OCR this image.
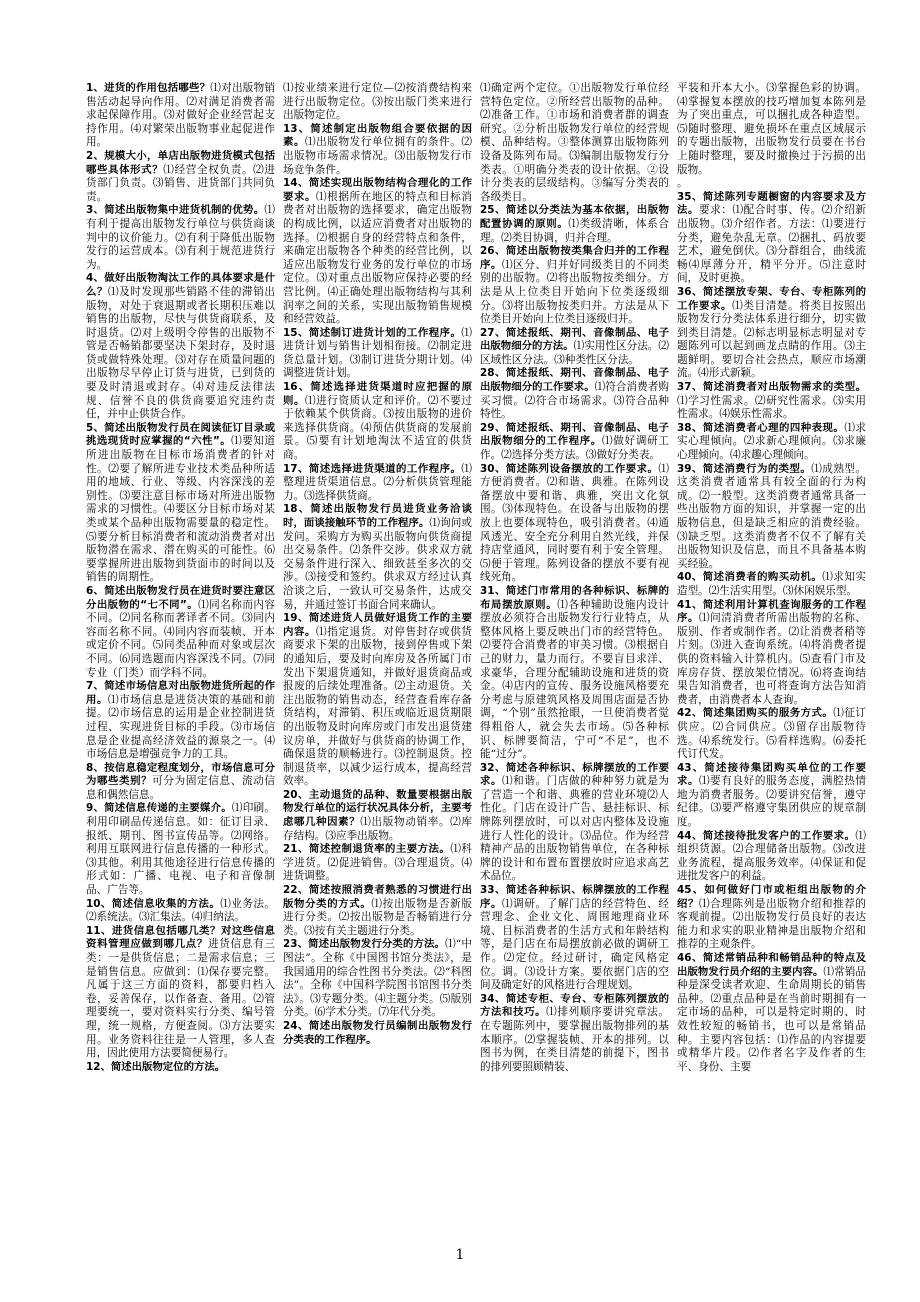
1、进货的作用包括哪些？⑴对出版物销售活动起导向作用。⑵对满足消费者需求起保障作用。⑶对做好企业经营起支持作用。⑷对繁荣出版物事业起促进作用。

2、规模大小，单店出版物进货模式包括哪些具体形式？⑴经营全权负责。⑵进货部门负责。⑶销售、进货部门共同负责。

3、简述出版物集中进货机制的优势。⑴有利于提高出版物发行单位与供货商谈判中的议价能力。⑵有利于降低出版物发行的运营成本。⑶有利于规范进货行为。

4、做好出版物淘汰工作的具体要求是什么？⑴及时发现那些销路不佳的滞销出版物，对处于衰退期或者长期积压难以销售的出版物，尽快与供货商联系，及时退货。⑵对上级明令停售的出版物不管是否畅销都要坚决下架封存，及时退货或做特殊处理。⑶对存在质量问题的出版物尽早停止订货与进货，已到货的要及时清退或封存。⑷对违反法律法规、信誉不良的供货商要追究违约责任，并中止供货合作。

5、简述出版物发行员在阅读征订目录或挑选现货时应掌握的“六性”。⑴要知道所进出版物在目标市场消费者的针对性。⑵要了解所进专业技术类品种所适用的地域、行业、等级、内容深浅的差别性。⑶要注意目标市场对所进出版物需求的习惯性。⑷要区分目标市场对某类或某个品种出版物需要量的稳定性。⑸要分析目标消费者和流动消费者对出版物潜在需求、潜在购买的可能性。⑹要掌握所进出版物到货面市的时间以及销售的周期性。

6、简述出版物发行员在进货时要注意区分出版物的“七不同”。⑴同名称而内容不同。⑵同名称而著译者不同。⑶同内容而名称不同。⑷同内容而装帧、开本或定价不同。⑸同类品种而对象或层次不同。⑹同选题而内容深浅不同。⑺同专业（门类）而学科不同。

7、简述市场信息对出版物进货所起的作用。⑴市场信息是进货决策的基础和前提。⑵市场信息的运用是企业控制进货过程、实现进货目标的手段。⑶市场信息是企业提高经济效益的源泉之一。⑷市场信息是增强竞争力的工具。

8、按信息稳定程度划分，市场信息可分为哪些类别？可分为固定信息、流动信息和偶然信息。

9、简述信息传递的主要媒介。⑴印刷。利用印刷品传递信息。如：征订目录、报纸、期刊、图书宣传品等。⑵网络。利用互联网进行信息传播的一种形式。⑶其他。利用其他途径进行信息传播的形式如：广播、电视、电子和音像制品、广告等。

10、简述信息收集的方法。⑴业务法。⑵系统法。⑶汇集法。⑷归纳法。

11、进货信息包括哪几类？对这些信息资料管理应做到哪几点？进货信息有三类：一是供货信息；二是需求信息；三是销售信息。应做到：⑴保存要完整。凡属于这三方面的资料，都要归档入卷，妥善保存，以作备查、备用。⑵管理要统一，要对资料实行分类、编号管理，统一规格，方便查阅。⑶方法要实用。业务资料往往是一人管理，多人查用，因此使用方法要简便易行。

12、简述出版物定位的方法。

⑴按业绩来进行定位—⑵按消费结构来进行出版物定位。⑶按出版门类来进行出版物定位。

13、简述制定出版物组合要依据的因素。⑴出版物发行单位拥有的条件。⑵出版物市场需求情况。⑶出版物发行市场竞争条件。

14、简述实现出版物结构合理化的工作要求。⑴根据所在地区的特点和目标消费者对出版物的选择要求，确定出版物的构成比例，以适应消费者对出版物的选择。⑵根据自身的经营特点和条件，来确定出版物各个种类的经营比例，以适应出版物发行业务的发行单位的市场定位。⑶对重点出版物应保持必要的经营比例。⑷正确处理出版物结构与其利润率之间的关系，实现出版物销售规模和经营效益。

15、简述制订进货计划的工作程序。⑴进货计划与销售计划相衔接。⑵制定进货总量计划。⑶制订进货分期计划。⑷调整进货计划。

16、简述选择进货渠道时应把握的原则。⑴进行资质认定和评价。⑵不要过于依赖某个供货商。⑶按出版物的进价来选择供货商。⑷预估供货商的发展前景。⑸要有计划地淘汰不适宜的供货商。

17、简述选择进货渠道的工作程序。⑴整理进货渠道信息。⑵分析供货管理能力。⑶选择供货商。

18、简述出版物发行员进货业务洽谈时，面谈接触环节的工作程序。⑴询问或发问。采购方为购买出版物向供货商提出交易条件。⑵条件交涉。供求双方就交易条件进行深入、细致甚至多次的交涉。⑶接受和签约。供求双方经过认真洽谈之后，一致认可交易条件，达成交易，并通过签订书面合同来确认。

19、简述进货人员做好退货工作的主要内容。⑴指定退货。对停售封存或供货商要求下架的出版物，接到停售或下架的通知后，要及时向库房及各所属门市发出下架退货通知，并做好退货商品或报废的后续处理准备。⑵主动退货。关注出版物的销售动态，经营查看库存备货结构，对滞销、积压或临近退货期限的出版物及时向库房或门市发出退货建议房单，并做好与供货商的协调工作，确保退货的顺畅进行。⑶控制退货。控制退货率，以减少运行成本，提高经营效率。

20、主动退货的品种、数量要根据出版物发行单位的运行状况具体分析，主要考虑哪几种因素？⑴出版物动销率。⑵库存结构。⑶应季出版物。

21、简述控制退货率的主要方法。⑴科学进货。⑵促进销售。⑶合理退货。⑷进货调整。

22、简述按照消费者熟悉的习惯进行出版物分类的方式。⑴按出版物是否新版进行分类。⑵按出版物是否畅销进行分类。⑶按有关主题进行分类。

23、简述出版物发行分类的方法。⑴“中图法”。全称《中国图书馆分类法》，是我国通用的综合性图书分类法。⑵“科图法”。全称《中国科学院图书馆图书分类法》。⑶专题分类。⑷主题分类。⑸版别分类。⑹学术分类。⑺年代分类。

24、简述出版物发行员编制出版物发行分类表的工作程序。

⑴确定两个定位。①出版物发行单位经营特色定位。②所经营出版物的品种。⑵准备工作。①市场和消费者群的调查研究。②分析出版物发行单位的经营规模、品种结构。③整体测算出版物陈列设备及陈列布局。⑶编制出版物发行分类表。①明确分类表的设计依据。②设计分类表的层级结构。③编写分类表的各级类目。

25、简述以分类法为基本依据，出版物配置协调的原则。⑴类级清晰，体系合理。⑵类目协调，归并合理。

26、简述出版物按类集合归并的工作程序。⑴区分、归并好同级类目的不同类别的出版物。⑵将出版物按类细分。方法是从上位类目开始向下位类逐级细分。⑶将出版物按类归并。方法是从下位类目开始向上位类目逐级归并。

27、简述报纸、期刊、音像制品、电子出版物细分的方法。⑴实用性区分法。⑵区域性区分法。⑶种类性区分法。

28、简述报纸、期刊、音像制品、电子出版物细分的工作要求。⑴符合消费者购买习惯。⑵符合市场需求。⑶符合品种特性。

29、简述报纸、期刊、音像制品、电子出版物细分的工作程序。⑴做好调研工作。⑵选择分类方法。⑶做好分类表。

30、简述陈列设备摆放的工作要求。⑴方便消费者。⑵和谐、典雅。在陈列设备摆放中要和谐、典雅，突出文化氛围。⑶体现特色。在设备与出版物的摆放上也要体现特色，吸引消费者。⑷通风透光、安全充分利用自然光线，并保持店堂通风，同时要有利于安全管理。⑸便于管理。陈列设备的摆放不要有视线死角。

31、简述门市常用的各种标识、标牌的布局摆放原则。⑴各种辅助设施内设计摆放必须符合出版物发行行业特点，从整体风格上要反映出门市的经营特色。⑵要符合消费者的审美习惯。⑶根据自己的财力，量力而行。不要盲目求洋、求豪华，合理分配辅助设施和进货的资金。⑷店内的宣传、服务设施风格要充分考虑与原建筑风格及周围店面是否协调，“个别”虽然抢眼，一旦使消费者觉得粗俗人，就会失去市场。⑸各种标识、标牌要简洁，宁可“不足”，也不能“过分”。

32、简述各种标识、标牌摆放的工作要求。⑴和谐。门店做的种种努力就是为了营造一个和谐、典雅的营业环境⑵人性化。门店在设计广告、悬挂标识、标牌陈列摆放时，可以对店内整体及设施进行人性化的设计。⑶品位。作为经营精神产品的出版物销售单位，在各种标牌的设计和布置布置摆放时应追求高艺术品位。

33、简述各种标识、标牌摆放的工作程序。⑴调研。了解门店的经营特色、经营理念、企业文化、周围地理商业环境、目标消费者的生活方式和年龄结构等，是门店在布局摆放前必做的调研工作。⑵定位。经过研讨，确定风格定位。调。⑶设计方案。要依据门店的空间及确定好的风格进行合理规划。

34、简述专柜、专台、专柜陈列摆放的方法和技巧。⑴排列顺序要讲究章法。在专题陈列中，要掌握出版物排列的基本顺序。⑵掌握装帧、开本的排列。以图书为例，在类目清楚的前提下，图书的排列要照顾精装、

平装和开本大小。⑶掌握色彩的协调。⑷掌握复本摆放的技巧增加复本陈列是为了突出重点，可以捆扎成各种造型。⑸随时整理、避免损坏在重点区域展示的专题出版物，出版物发行员要在书台上随时整理，要及时撤换过于污损的出版物。

。

35、简述陈列专题橱窗的内容要求及方法。要求：⑴配合时事、传。⑵介绍新出版物。⑶介绍作者。方法：⑴要进行分类，避免杂乱无章。⑵捆扎、码放要艺术，避免倒伏。⑶分群组合，曲线流畅⑷厚薄分开，精平分开。⑸注意时间，及时更换。

36、简述摆放专架、专台、专柜陈列的工作要求。⑴类目清楚。将类目按照出版物发行分类法体系进行细分，切实做到类目清楚。⑵标志明显标志明显对专题陈列可以起到画龙点睛的作用。⑶主题鲜明。要切合社会热点，顺应市场潮流。⑷形式新颖。

37、简述消费者对出版物需求的类型。⑴学习性需求。⑵研究性需求。⑶实用性需求。⑷娱乐性需求。

38、简述消费者心理的四种表现。⑴求实心理倾向。⑵求新心理倾向。⑶求廉心理倾向。⑷求趣心理倾向。

39、简述消费行为的类型。⑴成熟型。这类消费者通常具有较全面的行为构成。⑵一般型。这类消费者通常具备一些出版物方面的知识，并掌握一定的出版物信息，但是缺乏相应的消费经验。⑶缺乏型。这类消费者不仅不了解有关出版物知识及信息，而且不具备基本购买经验。

40、简述消费者的购买动机。⑴求知实造型。⑵生活实用型。⑶休闲娱乐型。

41、简述利用计算机查询服务的工作程序。⑴问清消费者所需出版物的名称、版别、作者或制作者。⑵让消费者稍等片刻。⑶进入查询系统。⑷将消费者提供的资料输入计算机内。⑸查看门市及库房存货、摆放架位情况。⑹将查询结果告知消费者，也可将查询方法告知消费者，由消费者本人查询。

42、简述集团购买的服务方式。⑴征订供应。⑵合同供应。⑶留存出版物待选。⑷系统发行。⑸看样选购。⑹委托代订代发。

43、简述接待集团购买单位的工作要求。⑴要有良好的服务态度，满腔热情地为消费者服务。⑵要讲究信誉，遵守纪律。⑶要严格遵守集团供应的规章制度。

44、简述接待批发客户的工作要求。⑴组织货源。⑵合理储备出版物。⑶改进业务流程，提高服务效率。⑷保证和促进批发客户的利益。

45、如何做好门市或柜组出版物的介绍？⑴合理陈列是出版物介绍和推荐的客观前提。⑵出版物发行员良好的表达能力和求实的职业精神是出版物介绍和推荐的主观条件。

46、简述常销品种和畅销品种的特点及出版物发行员介绍的主要内容。⑴常销品种是深受读者欢迎、生命周期长的销售品种。⑵重点品种是在当前时期拥有一定市场的品种，可以是特定时期的、时效性较短的畅销书，也可以是常销品种。主要内容包括：⑴作品的内容提要或精华片段。⑵作者名字及作者的生平、身份、主要

1
